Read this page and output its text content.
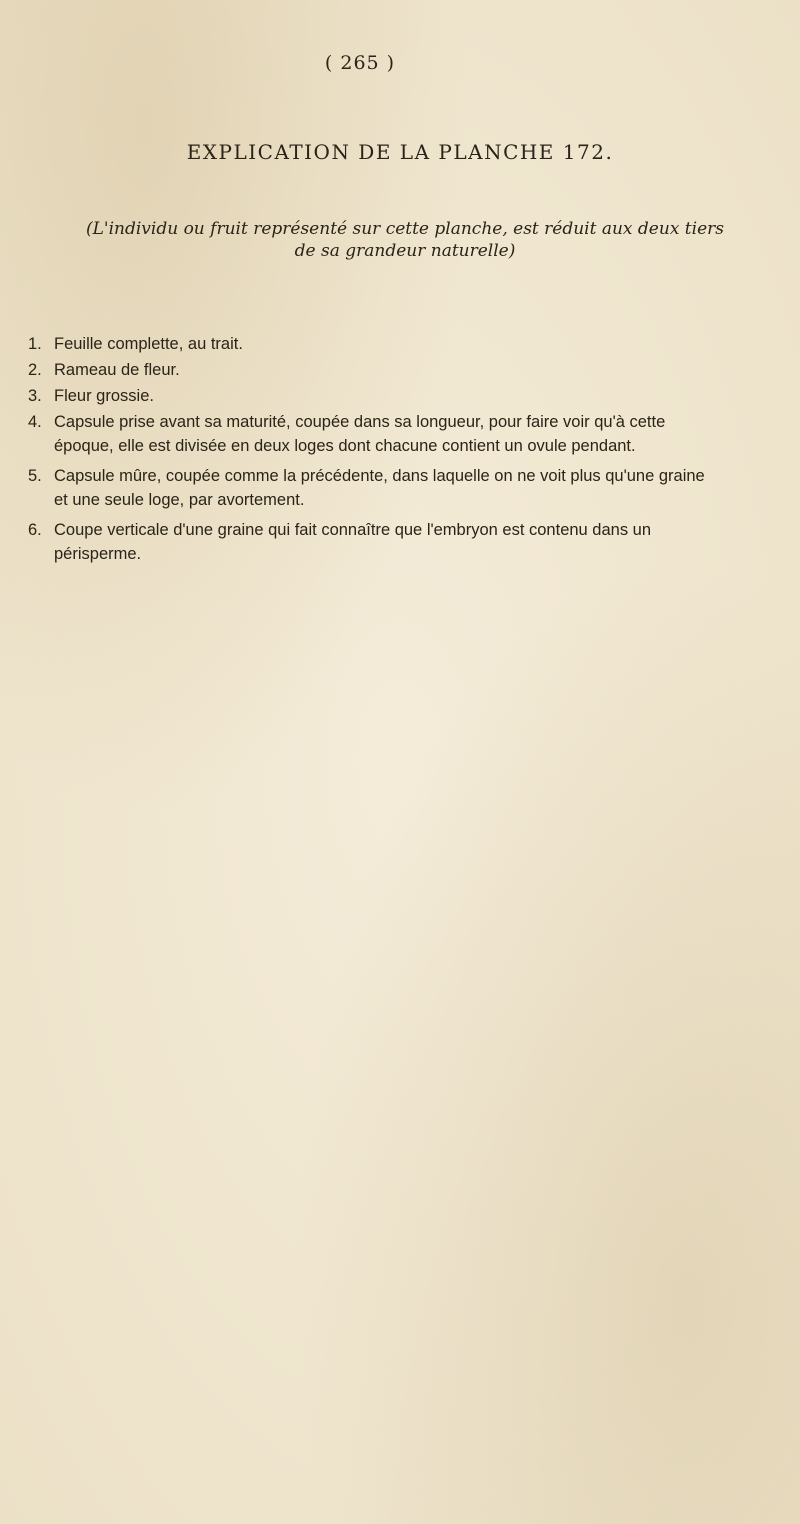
( 265 )
EXPLICATION DE LA PLANCHE 172.
(L'individu ou fruit représenté sur cette planche, est réduit aux deux tiers de sa grandeur naturelle)
1. Feuille complette, au trait.
2. Rameau de fleur.
3. Fleur grossie.
4. Capsule prise avant sa maturité, coupée dans sa longueur, pour faire voir qu'à cette époque, elle est divisée en deux loges dont chacune contient un ovule pendant.
5. Capsule mûre, coupée comme la précédente, dans laquelle on ne voit plus qu'une graine et une seule loge, par avortement.
6. Coupe verticale d'une graine qui fait connaître que l'embryon est contenu dans un périsperme.
